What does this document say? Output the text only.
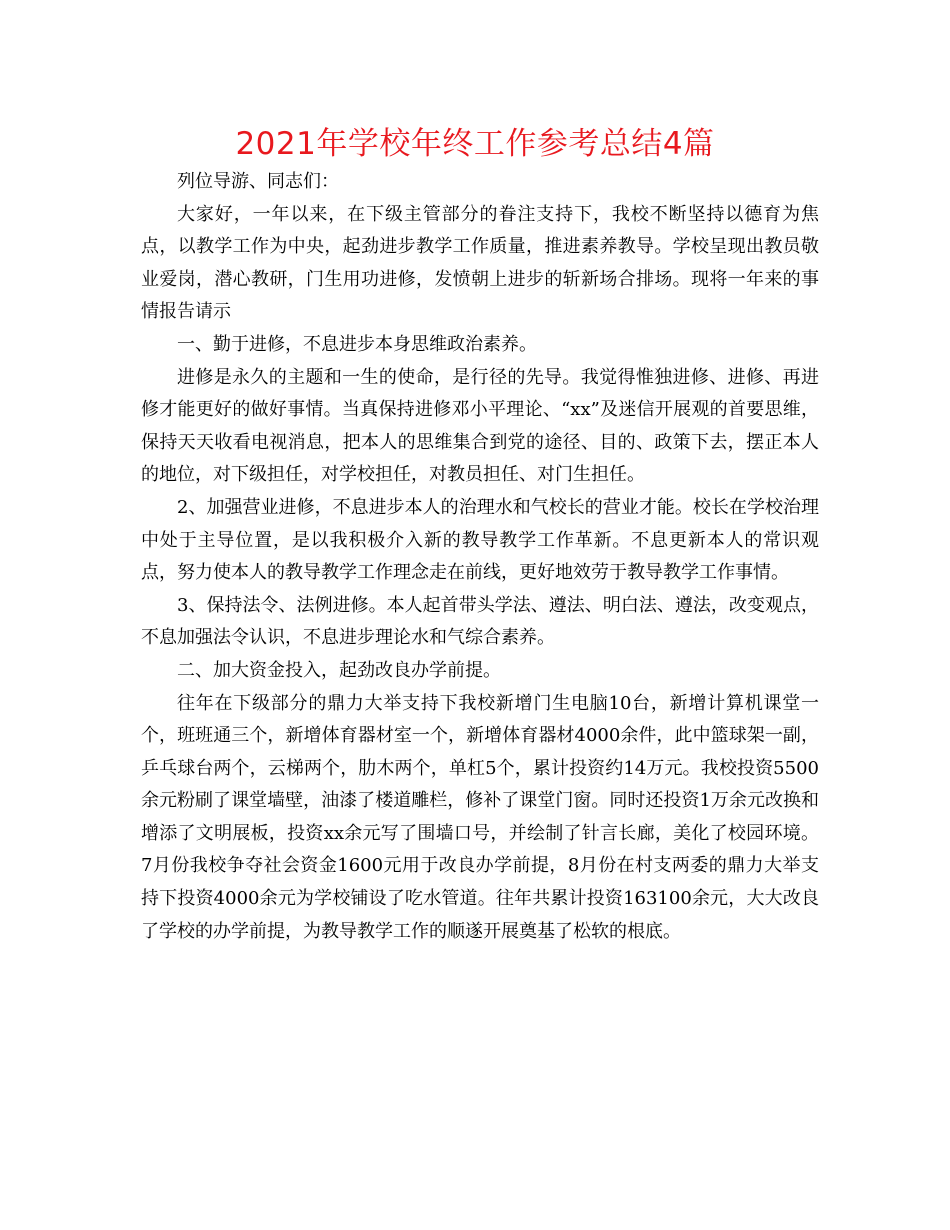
2021年学校年终工作参考总结4篇

列位导游、同志们：

大家好，一年以来，在下级主管部分的眷注支持下，我校不断坚持以德育为焦点，以教学工作为中央，起劲进步教学工作质量，推进素养教导。学校呈现出教员敬业爱岗，潜心教研，门生用功进修，发愤朝上进步的斩新场合排场。现将一年来的事情报告请示

一、勤于进修，不息进步本身思维政治素养。

进修是永久的主题和一生的使命，是行径的先导。我觉得惟独进修、进修、再进修才能更好的做好事情。当真保持进修邓小平理论、“xx”及迷信开展观的首要思维，保持天天收看电视消息，把本人的思维集合到党的途径、目的、政策下去，摆正本人的地位，对下级担任，对学校担任，对教员担任、对门生担任。

2、加强营业进修，不息进步本人的治理水和气校长的营业才能。校长在学校治理中处于主导位置，是以我积极介入新的教导教学工作革新。不息更新本人的常识观点，努力使本人的教导教学工作理念走在前线，更好地效劳于教导教学工作事情。

3、保持法令、法例进修。本人起首带头学法、遵法、明白法、遵法，改变观点，不息加强法令认识，不息进步理论水和气综合素养。

二、加大资金投入，起劲改良办学前提。

往年在下级部分的鼎力大举支持下我校新增门生电脑10台，新增计算机课堂一个，班班通三个，新增体育器材室一个，新增体育器材4000余件，此中篮球架一副，乒乓球台两个，云梯两个，肋木两个，单杠5个，累计投资约14万元。我校投资5500余元粉刷了课堂墙壁，油漆了楼道雕栏，修补了课堂门窗。同时还投资1万余元改换和增添了文明展板，投资xx余元写了围墙口号，并绘制了针言长廊，美化了校园环境。7月份我校争夺社会资金1600元用于改良办学前提，8月份在村支两委的鼎力大举支持下投资4000余元为学校铺设了吃水管道。往年共累计投资163100余元，大大改良了学校的办学前提，为教导教学工作的顺遂开展奠基了松软的根底。
